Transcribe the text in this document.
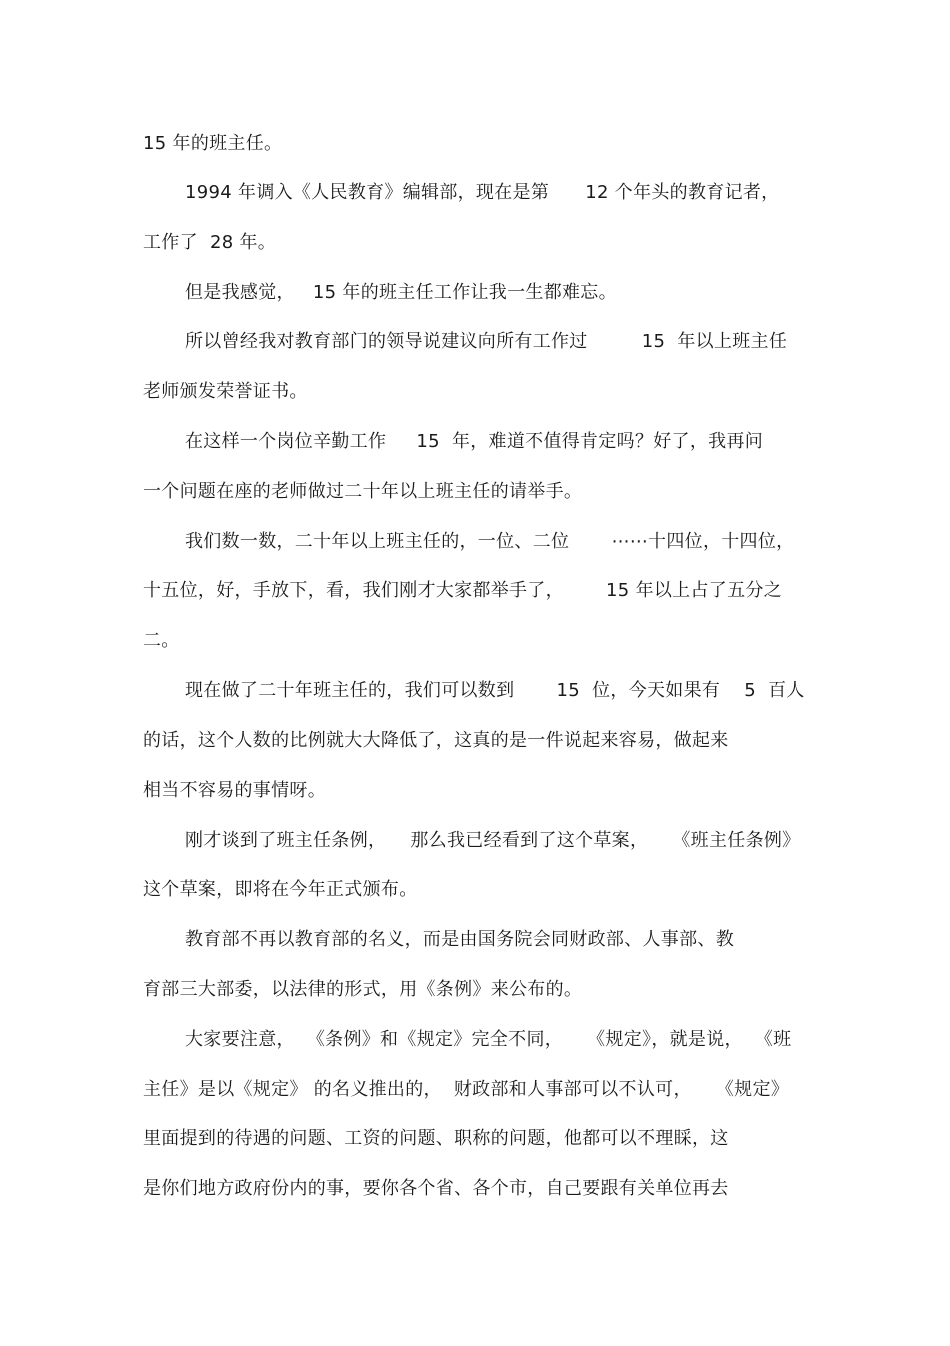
15 年的班主任。
1994 年调入《人民教育》编辑部，现在是第      12 个年头的教育记者，
工作了  28 年。
但是我感觉，   15 年的班主任工作让我一生都难忘。
所以曾经我对教育部门的领导说建议向所有工作过         15  年以上班主任
老师颁发荣誉证书。
在这样一个岗位辛勤工作     15  年，难道不值得肯定吗？好了，我再问
一个问题在座的老师做过二十年以上班主任的请举手。
我们数一数，二十年以上班主任的，一位、二位       ⋯⋯十四位，十四位，
十五位，好，手放下，看，我们刚才大家都举手了，       15 年以上占了五分之
二。
现在做了二十年班主任的，我们可以数到       15  位，今天如果有    5  百人
的话，这个人数的比例就大大降低了，这真的是一件说起来容易，做起来
相当不容易的事情呀。
刚才谈到了班主任条例，    那么我已经看到了这个草案，    《班主任条例》
这个草案，即将在今年正式颁布。
教育部不再以教育部的名义，而是由国务院会同财政部、人事部、教
育部三大部委，以法律的形式，用《条例》来公布的。
大家要注意，  《条例》和《规定》完全不同，    《规定》，就是说，  《班
主任》是以《规定》 的名义推出的，  财政部和人事部可以不认可，    《规定》
里面提到的待遇的问题、工资的问题、职称的问题，他都可以不理睬，这
是你们地方政府份内的事，要你各个省、各个市，自己要跟有关单位再去
